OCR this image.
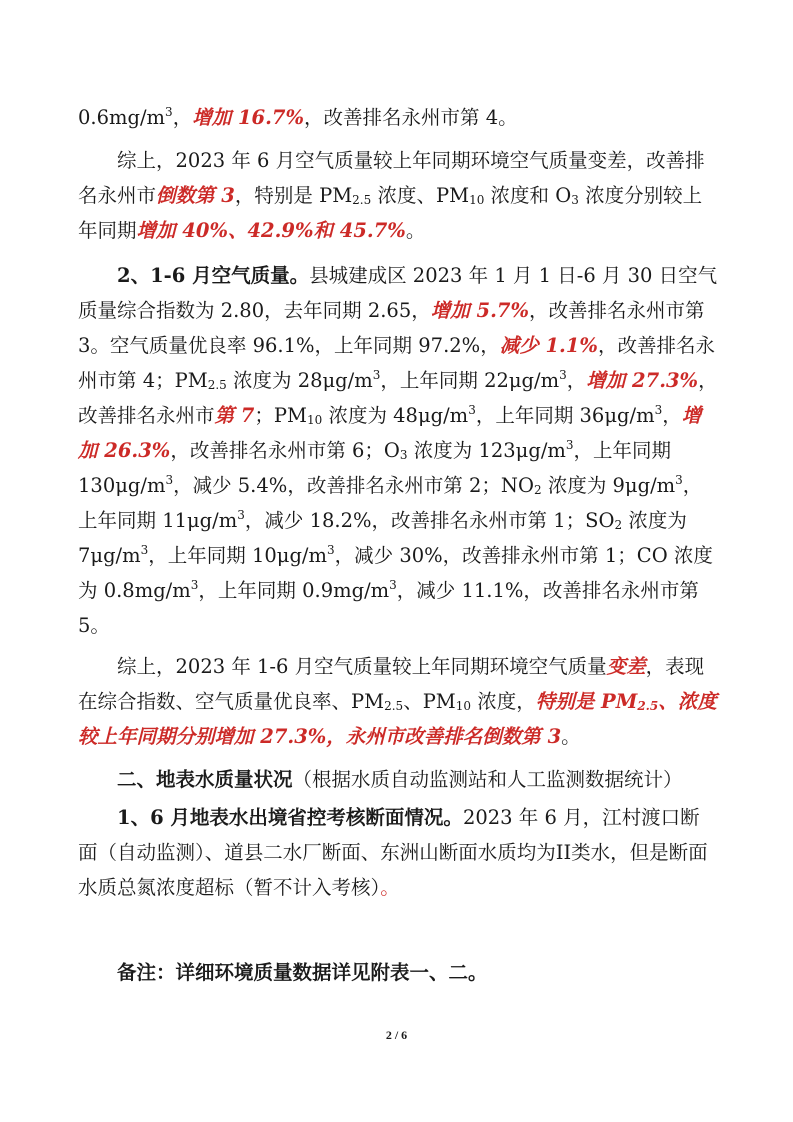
$0.6mg/m^3$，增加 16.7%，改善排名永州市第 4。

综上，2023 年 6 月空气质量较上年同期环境空气质量变差，改善排名永州市倒数第 3，特别是 $PM_{2.5}$ 浓度、$PM_{10}$ 浓度和 $O_3$ 浓度分别较上年同期增加 40%、42.9%和 45.7%。

2、1-6 月空气质量。县城建成区 2023 年 1 月 1 日-6 月 30 日空气质量综合指数为 2.80，去年同期 2.65，增加 5.7%，改善排名永州市第 3。空气质量优良率 96.1%，上年同期 97.2%，减少 1.1%，改善排名永州市第 4；$PM_{2.5}$ 浓度为 $28\mu g/m^3$，上年同期 $22\mu g/m^3$，增加 27.3%，改善排名永州市第 7；$PM_{10}$ 浓度为 $48\mu g/m^3$，上年同期 $36\mu g/m^3$，增加 26.3%，改善排名永州市第 6；$O_3$ 浓度为 $123\mu g/m^3$，上年同期 $130\mu g/m^3$，减少 5.4%，改善排名永州市第 2；$NO_2$ 浓度为 $9\mu g/m^3$，上年同期 $11\mu g/m^3$，减少 18.2%，改善排名永州市第 1；$SO_2$ 浓度为 $7\mu g/m^3$，上年同期 $10\mu g/m^3$，减少 30%，改善排永州市第 1；CO 浓度为 $0.8mg/m^3$，上年同期 $0.9mg/m^3$，减少 11.1%，改善排名永州市第 5。

综上，2023 年 1-6 月空气质量较上年同期环境空气质量变差，表现在综合指数、空气质量优良率、$PM_{2.5}$、$PM_{10}$ 浓度，特别是 $PM_{2.5}$、浓度较上年同期分别增加 27.3%，永州市改善排名倒数第 3。

二、地表水质量状况（根据水质自动监测站和人工监测数据统计）

1、6 月地表水出境省控考核断面情况。2023 年 6 月，江村渡口断面（自动监测）、道县二水厂断面、东洲山断面水质均为II类水，但是断面水质总氮浓度超标（暂不计入考核）。

备注：详细环境质量数据详见附表一、二。

2 / 6
